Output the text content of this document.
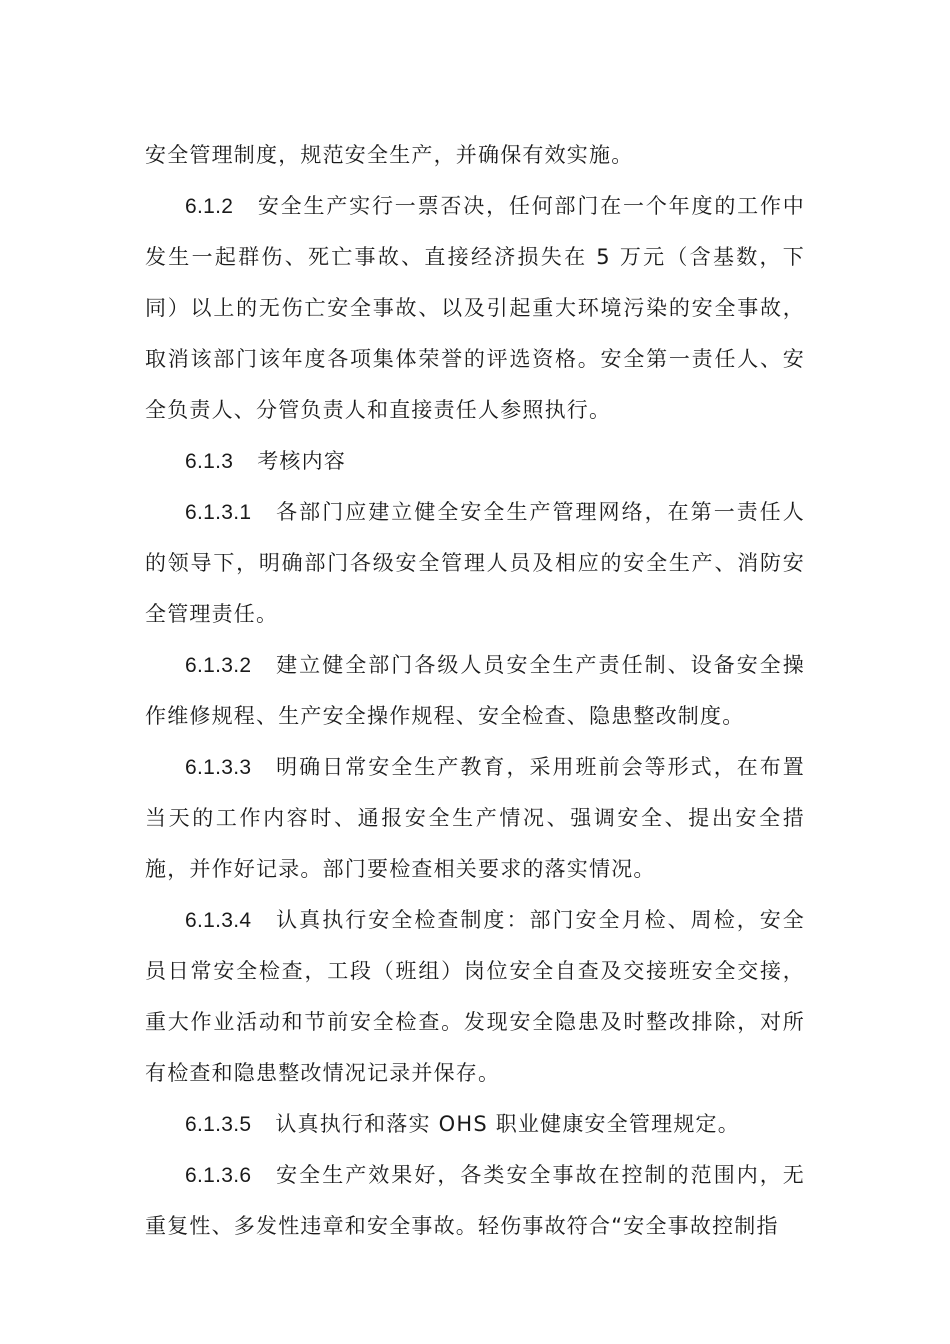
安全管理制度，规范安全生产，并确保有效实施。

6.1.2 安全生产实行一票否决，任何部门在一个年度的工作中发生一起群伤、死亡事故、直接经济损失在 5 万元（含基数，下同）以上的无伤亡安全事故、以及引起重大环境污染的安全事故，取消该部门该年度各项集体荣誉的评选资格。安全第一责任人、安全负责人、分管负责人和直接责任人参照执行。

6.1.3 考核内容

6.1.3.1 各部门应建立健全安全生产管理网络，在第一责任人的领导下，明确部门各级安全管理人员及相应的安全生产、消防安全管理责任。

6.1.3.2 建立健全部门各级人员安全生产责任制、设备安全操作维修规程、生产安全操作规程、安全检查、隐患整改制度。

6.1.3.3 明确日常安全生产教育，采用班前会等形式，在布置当天的工作内容时、通报安全生产情况、强调安全、提出安全措施，并作好记录。部门要检查相关要求的落实情况。

6.1.3.4 认真执行安全检查制度：部门安全月检、周检，安全员日常安全检查，工段（班组）岗位安全自查及交接班安全交接，重大作业活动和节前安全检查。发现安全隐患及时整改排除，对所有检查和隐患整改情况记录并保存。

6.1.3.5 认真执行和落实 OHS 职业健康安全管理规定。

6.1.3.6 安全生产效果好，各类安全事故在控制的范围内，无重复性、多发性违章和安全事故。轻伤事故符合“安全事故控制指
